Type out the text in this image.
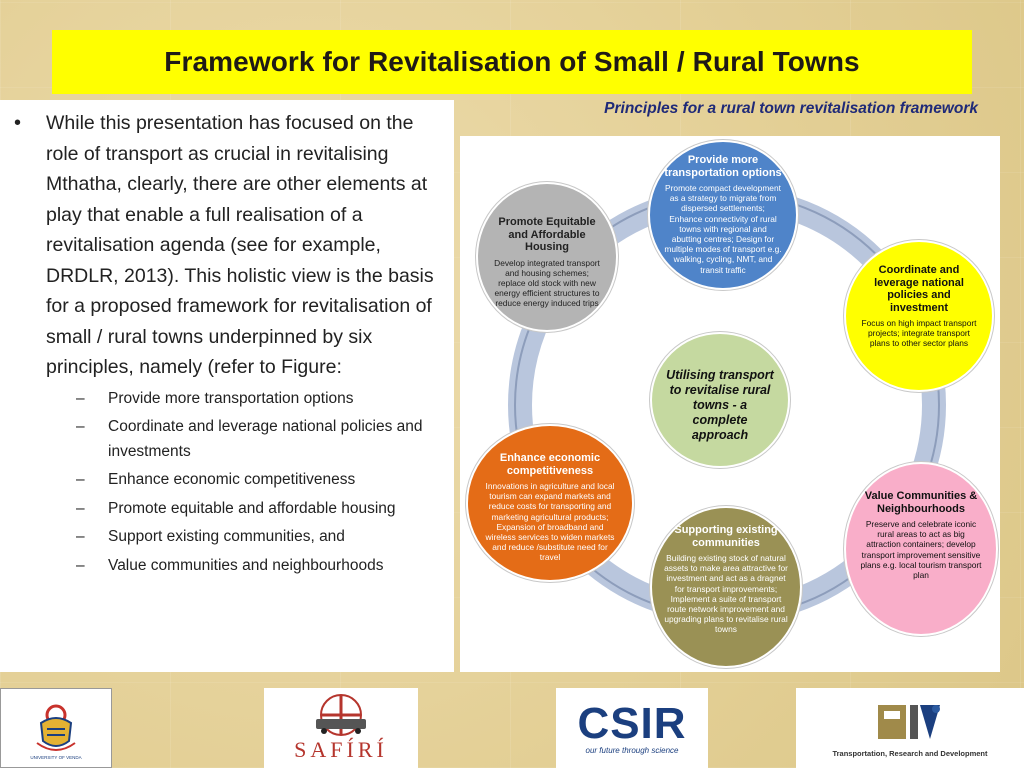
Framework for Revitalisation of Small / Rural Towns
•	While this presentation has focused on the role of transport as crucial in revitalising Mthatha, clearly, there are other elements at play that enable a full realisation of a revitalisation agenda (see for example, DRDLR, 2013). This holistic view is the basis for a proposed framework for revitalisation of small / rural towns underpinned by six principles, namely (refer to Figure:
–	Provide more transportation options
–	Coordinate and leverage national policies and investments
–	Enhance economic competitiveness
–	Promote equitable and affordable housing
–	Support existing communities, and
–	Value communities and neighbourhoods
Principles for a rural town revitalisation framework
Provide more transportation options
Promote compact development as a strategy to migrate from dispersed settlements; Enhance connectivity of rural towns with regional and abutting centres; Design for multiple modes of transport e.g. walking, cycling, NMT, and transit traffic
Promote Equitable and Affordable Housing
Develop integrated transport and housing schemes; replace old stock with new energy efficient structures to reduce energy induced trips
Coordinate and leverage national policies and investment
Focus on high impact transport projects; integrate transport plans to other sector plans
Utilising transport to revitalise rural towns - a complete approach
Enhance economic competitiveness
Innovations in agriculture and local tourism can expand markets and reduce costs for transporting and marketing agricultural products; Expansion of broadband and wireless services to widen markets and reduce /substitute need for travel
Value Communities & Neighbourhoods
Preserve and celebrate iconic rural areas to act as big attraction containers; develop transport improvement sensitive plans e.g. local tourism transport plan
Supporting existing communities
Building existing stock of natural assets to make area attractive for investment and act as a dragnet for transport improvements; Implement a suite of transport route network improvement and upgrading plans to revitalise rural towns
UNIVERSITY OF VENDA	SAFÍRÍ
CSIR
our future through science	Transportation, Research and Development
